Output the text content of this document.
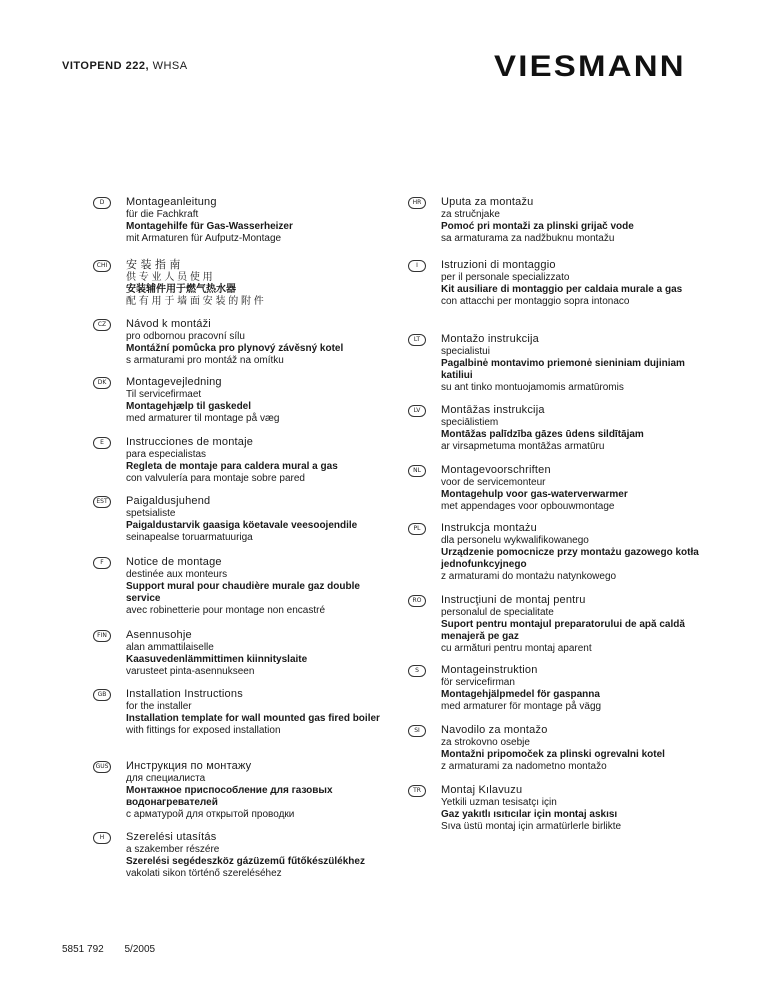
VITOPEND 222, WHSA	VIESMANN
D	Montageanleitung
für die Fachkraft
Montagehilfe für Gas-Wasserheizer
mit Armaturen für Aufputz-Montage
CHI	安 装 指 南
供 专 业 人 员 使 用
安装辅件用于燃气热水器
配 有 用 于 墙 面 安 装 的 附 件
CZ	Návod k montáži
pro odbornou pracovní sílu
Montážní pomůcka pro plynový závěsný kotel
s armaturami pro montáž na omítku
DK	Montagevejledning
Til servicefirmaet
Montagehjælp til gaskedel
med armaturer til montage på væg
E	Instrucciones de montaje
para especialistas
Regleta de montaje para caldera mural a gas
con valvulería para montaje sobre pared
EST	Paigaldusjuhend
spetsialiste
Paigaldustarvik gaasiga köetavale veesoojendile
seinapealse toruarmatuuriga
F	Notice de montage
destinée aux monteurs
Support mural pour chaudière murale gaz double service
avec robinetterie pour montage non encastré
FIN	Asennusohje
alan ammattilaiselle
Kaasuvedenlämmittimen kiinnityslaite
varusteet pinta-asennukseen
GB	Installation Instructions
for the installer
Installation template for wall mounted gas fired boiler
with fittings for exposed installation
GUS Инструкция по монтажу
для специалиста
Монтажное приспособление для газовых водонагревателей
с арматурой для открытой проводки
H	Szerelési utasítás
a szakember részére
Szerelési segédeszköz gázüzemű fűtőkészülékhez
vakolati sikon történő szereléséhez
HR	Uputa za montažu
za stručnjake
Pomoć pri montaži za plinski grijač vode
sa armaturama za nadžbuknu montažu
I	Istruzioni di montaggio
per il personale specializzato
Kit ausiliare di montaggio per caldaia murale a gas
con attacchi per montaggio sopra intonaco
LT	Montažo instrukcija
specialistui
Pagalbinė montavimo priemonė sieniniam dujiniam katiliui
su ant tinko montuojamomis armatūromis
LV	Montāžas instrukcija
speciālistiem
Montāžas palīdzība gāzes ūdens sildītājam
ar virsapmetuma montāžas armatūru
NL	Montagevoorschriften
voor de servicemonteur
Montagehulp voor gas-waterverwarmer
met appendages voor opbouwmontage
PL	Instrukcja montażu
dla personelu wykwalifikowanego
Urządzenie pomocnicze przy montażu gazowego kotła jednofunkcyjnego
z armaturami do montażu natynkowego
RO	Instrucţiuni de montaj pentru
personalul de specialitate
Suport pentru montajul preparatorului de apă caldă menajeră pe gaz
cu armături pentru montaj aparent
S	Montageinstruktion
för servicefirman
Montagehjälpmedel för gaspanna
med armaturer för montage på vägg
SI	Navodilo za montažo
za strokovno osebje
Montažni pripomoček za plinski ogrevalni kotel
z armaturami za nadometno montažo
TR	Montaj Kılavuzu
Yetkili uzman tesisatçı için
Gaz yakıtlı ısıtıcılar için montaj askısı
Sıva üstü montaj için armatürlerle birlikte
5851 792 5/2005
